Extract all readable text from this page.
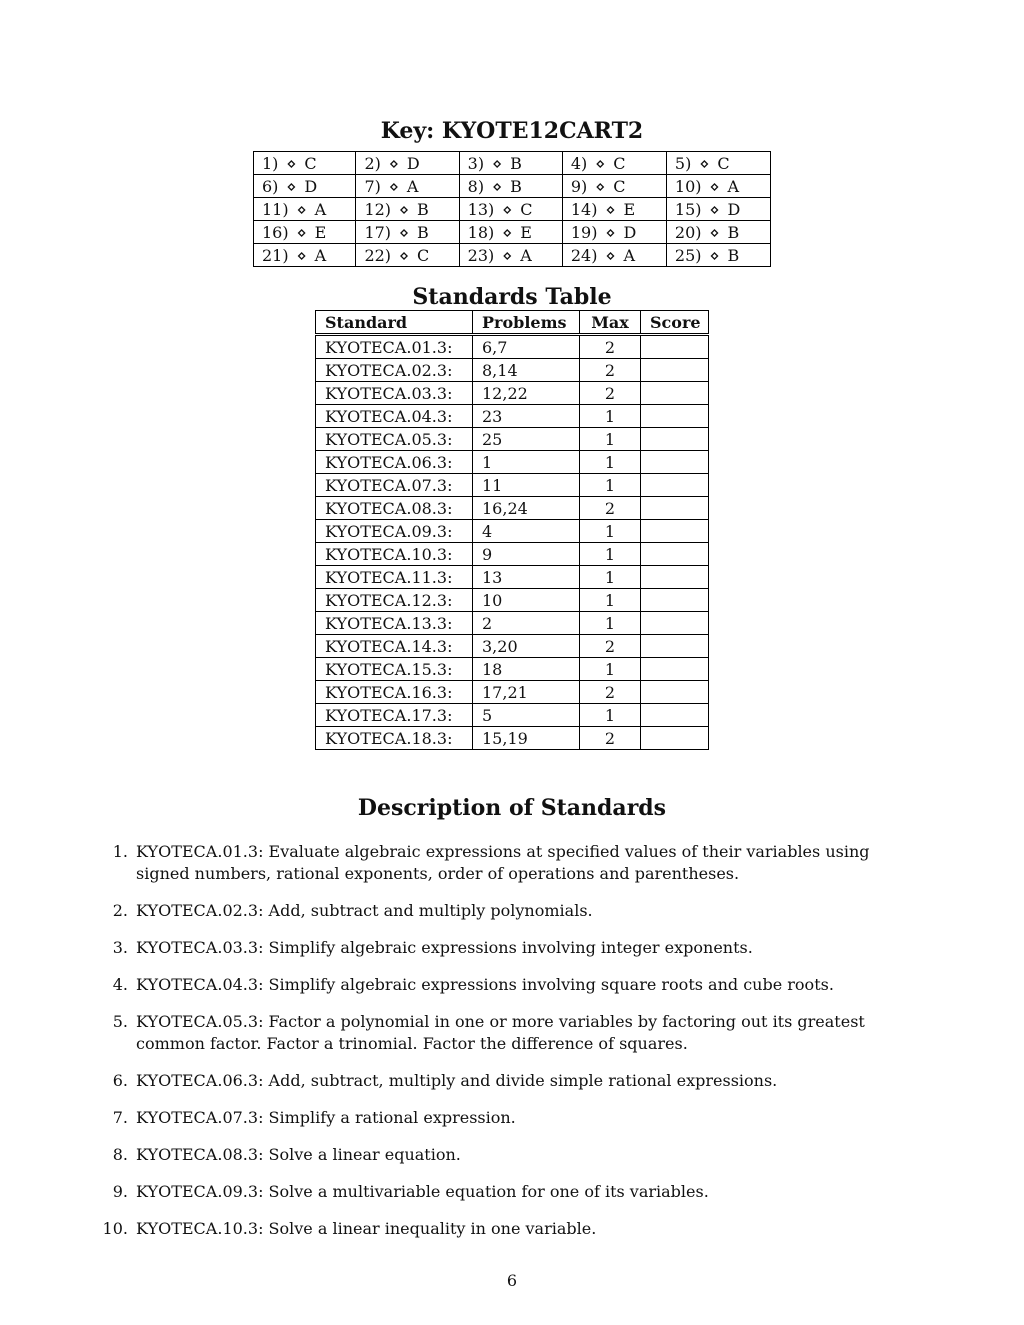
Key: KYOTE12CART2
1) ⋄ C	2) ⋄ D	3) ⋄ B	4) ⋄ C	5) ⋄ C
6) ⋄ D	7) ⋄ A	8) ⋄ B	9) ⋄ C	10) ⋄ A
11) ⋄ A	12) ⋄ B	13) ⋄ C	14) ⋄ E	15) ⋄ D
16) ⋄ E	17) ⋄ B	18) ⋄ E	19) ⋄ D	20) ⋄ B
21) ⋄ A	22) ⋄ C	23) ⋄ A	24) ⋄ A	25) ⋄ B
Standards Table
Standard	Problems	Max	Score
KYOTECA.01.3:	6,7	2	
KYOTECA.02.3:	8,14	2	
KYOTECA.03.3:	12,22	2	
KYOTECA.04.3:	23	1	
KYOTECA.05.3:	25	1	
KYOTECA.06.3:	1	1	
KYOTECA.07.3:	11	1	
KYOTECA.08.3:	16,24	2	
KYOTECA.09.3:	4	1	
KYOTECA.10.3:	9	1	
KYOTECA.11.3:	13	1	
KYOTECA.12.3:	10	1	
KYOTECA.13.3:	2	1	
KYOTECA.14.3:	3,20	2	
KYOTECA.15.3:	18	1	
KYOTECA.16.3:	17,21	2	
KYOTECA.17.3:	5	1	
KYOTECA.18.3:	15,19	2	
Description of Standards
1. KYOTECA.01.3: Evaluate algebraic expressions at specified values of their variables using signed numbers, rational exponents, order of operations and parentheses.
2. KYOTECA.02.3: Add, subtract and multiply polynomials.
3. KYOTECA.03.3: Simplify algebraic expressions involving integer exponents.
4. KYOTECA.04.3: Simplify algebraic expressions involving square roots and cube roots.
5. KYOTECA.05.3: Factor a polynomial in one or more variables by factoring out its greatest common factor. Factor a trinomial. Factor the difference of squares.
6. KYOTECA.06.3: Add, subtract, multiply and divide simple rational expressions.
7. KYOTECA.07.3: Simplify a rational expression.
8. KYOTECA.08.3: Solve a linear equation.
9. KYOTECA.09.3: Solve a multivariable equation for one of its variables.
10. KYOTECA.10.3: Solve a linear inequality in one variable.
6
